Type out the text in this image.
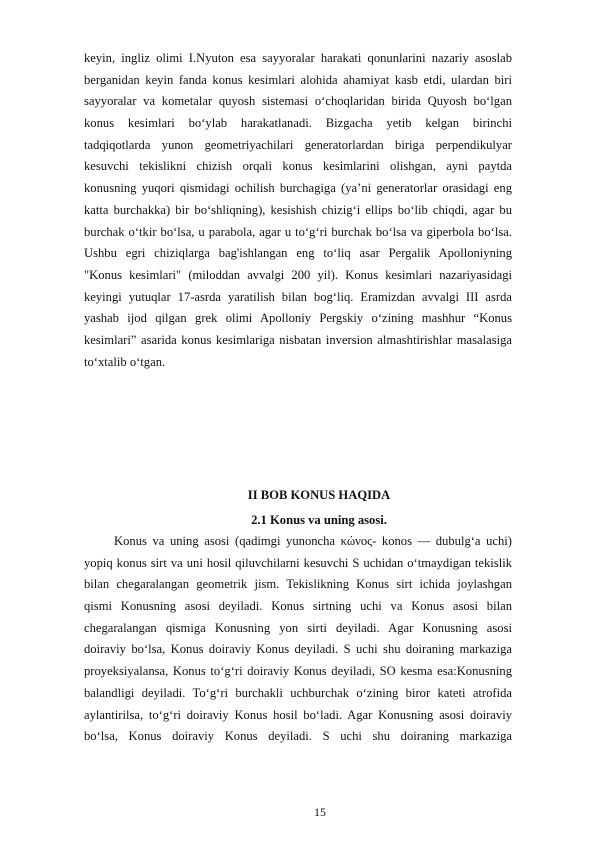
keyin, ingliz olimi I.Nyuton esa sayyoralar harakati qonunlarini nazariy asoslab
berganidan keyin fanda konus kesimlari alohida ahamiyat kasb etdi, ulardan biri
sayyoralar va kometalar quyosh sistemasi o‘choqlaridan birida Quyosh bo‘lgan
konus kesimlari bo‘ylab harakatlanadi. Bizgacha yetib kelgan birinchi
tadqiqotlarda yunon geometriyachilari generatorlardan biriga perpendikulyar
kesuvchi tekislikni chizish orqali konus kesimlarini olishgan, ayni paytda
konusning yuqori qismidagi ochilish burchagiga (ya’ni generatorlar orasidagi eng
katta burchakka) bir bo‘shliqning), kesishish chizig‘i ellips bo‘lib chiqdi, agar bu
burchak o‘tkir bo‘lsa, u parabola, agar u to‘g‘ri burchak bo‘lsa va giperbola bo‘lsa.
Ushbu egri chiziqlarga bag'ishlangan eng to‘liq asar Pergalik Apolloniyning
"Konus kesimlari" (miloddan avvalgi 200 yil). Konus kesimlari nazariyasidagi
keyingi yutuqlar 17-asrda yaratilish bilan bog‘liq. Eramizdan avvalgi III asrda
yashab ijod qilgan grek olimi Apolloniy Pergskiy o‘zining mashhur “Konus
kesimlari” asarida konus kesimlariga nisbatan inversion almashtirishlar masalasiga
to‘xtalib o‘tgan.
II BOB KONUS HAQIDA
2.1 Konus va uning asosi.
Konus va uning asosi (qadimgi yunoncha κώνος- konos — dubulg‘a uchi)
yopiq konus sirt va uni hosil qiluvchilarni kesuvchi S uchidan o‘tmaydigan tekislik
bilan chegaralangan geometrik jism. Tekislikning Konus sirt ichida joylashgan
qismi Konusning asosi deyiladi. Konus sirtning uchi va Konus asosi bilan
chegaralangan qismiga Konusning yon sirti deyiladi. Agar Konusning asosi
doiraviy bo‘lsa, Konus doiraviy Konus deyiladi. S uchi shu doiraning markaziga
proyeksiyalansa, Konus to‘g‘ri doiraviy Konus deyiladi, SO kesma esa:Konusning
balandligi deyiladi. To‘g‘ri burchakli uchburchak o‘zining biror kateti atrofida
aylantirilsa, to‘g‘ri doiraviy Konus hosil bo‘ladi. Agar Konusning asosi doiraviy
bo‘lsa, Konus doiraviy Konus deyiladi. S uchi shu doiraning markaziga
15
